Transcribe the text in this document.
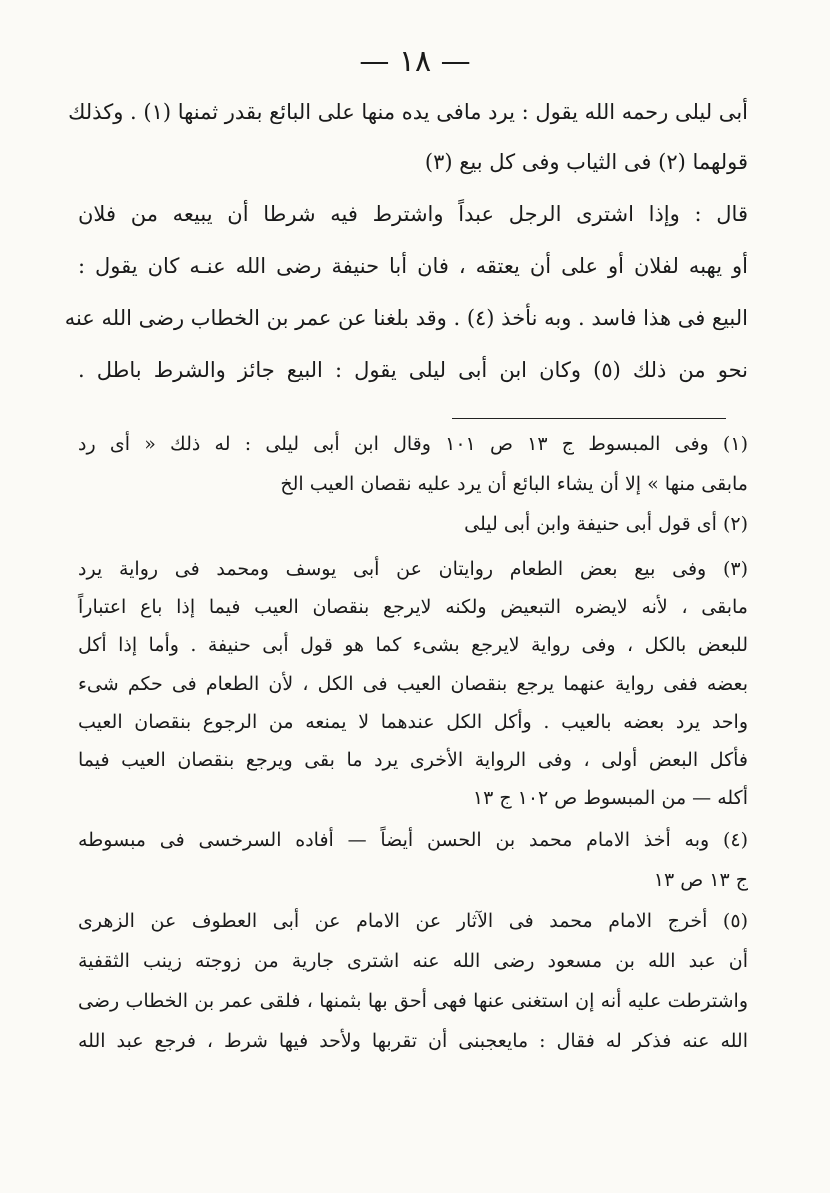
— ١٨ —
أبى ليلى رحمه الله يقول : يرد مافى يده منها على البائع بقدر ثمنها (١) . وكذلك
قولهما (٢) فى الثياب وفى كل بيع (٣)
قال : وإذا اشترى الرجل عبداً واشترط فيه شرطا أن يبيعه من فلان
أو يهبه لفلان أو على أن يعتقه ، فان أبا حنيفة رضى الله عنـه كان يقول :
البيع فى هذا فاسد . وبه نأخذ (٤) . وقد بلغنا عن عمر بن الخطاب رضى الله عنه
نحو من ذلك (٥) وكان ابن أبى ليلى يقول : البيع جائز والشرط باطل .
(١) وفى المبسوط ج ١٣ ص ١٠١ وقال ابن أبى ليلى : له ذلك « أى رد
مابقى منها » إلا أن يشاء البائع أن يرد عليه نقصان العيب الخ
(٢) أى قول أبى حنيفة وابن أبى ليلى
(٣) وفى بيع بعض الطعام روايتان عن أبى يوسف ومحمد فى رواية يرد
مابقى ، لأنه لايضره التبعيض ولكنه لايرجع بنقصان العيب فيما إذا باع اعتباراً
للبعض بالكل ، وفى رواية لايرجع بشىء كما هو قول أبى حنيفة . وأما إذا أكل
بعضه ففى رواية عنهما يرجع بنقصان العيب فى الكل ، لأن الطعام فى حكم شىء
واحد يرد بعضه بالعيب . وأكل الكل عندهما لا يمنعه من الرجوع بنقصان العيب
فأكل البعض أولى ، وفى الرواية الأخرى يرد ما بقى ويرجع بنقصان العيب فيما
أكله — من المبسوط ص ١٠٢ ج ١٣
(٤) وبه أخذ الامام محمد بن الحسن أيضاً — أفاده السرخسى فى مبسوطه
ج ١٣ ص ١٣
(٥) أخرج الامام محمد فى الآثار عن الامام عن أبى العطوف عن الزهرى
أن عبد الله بن مسعود رضى الله عنه اشترى جارية من زوجته زينب الثقفية
واشترطت عليه أنه إن استغنى عنها فهى أحق بها بثمنها ، فلقى عمر بن الخطاب رضى
الله عنه فذكر له فقال : مايعجبنى أن تقربها ولأحد فيها شرط ، فرجع عبد الله
